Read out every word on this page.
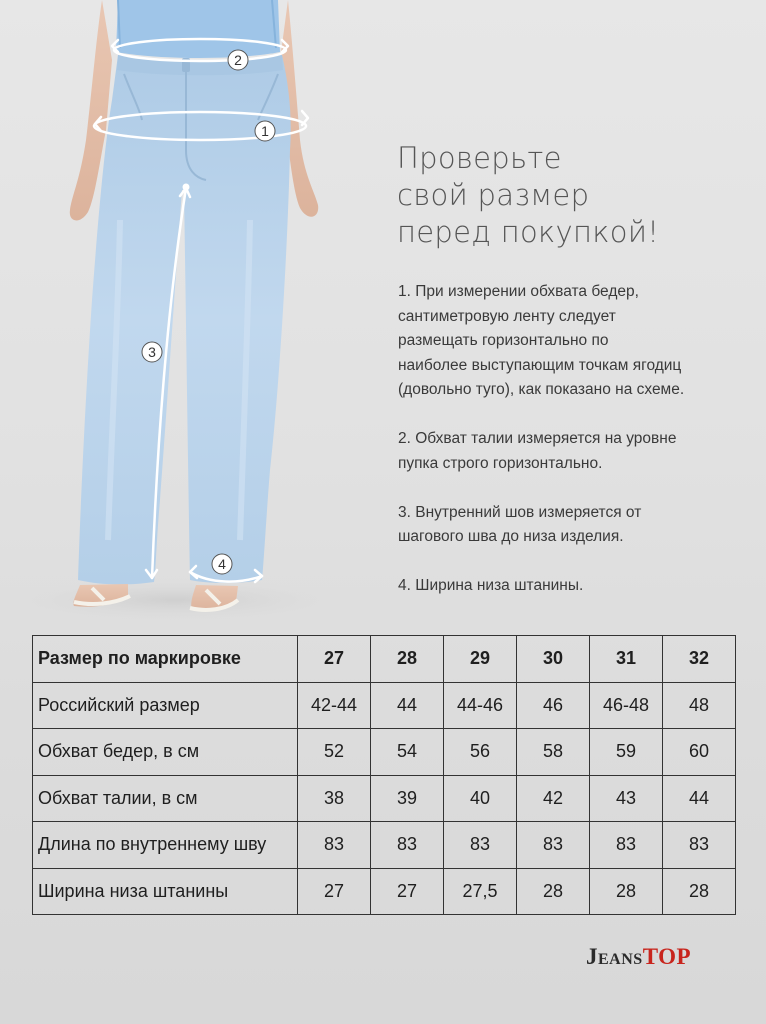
2
1
3
4
Проверьте
свой размер
перед покупкой!
1. При измерении обхвата бедер,
сантиметровую ленту следует
размещать горизонтально по
наиболее выступающим точкам ягодиц
(довольно туго), как показано на схеме.
2. Обхват талии измеряется на уровне
пупка строго горизонтально.
3. Внутренний шов измеряется от
шагового шва до низа изделия.
4. Ширина низа штанины.
Размер по маркировке	27	28	29	30	31	32
Российский размер	42-44	44	44-46	46	46-48	48
Обхват бедер, в см	52	54	56	58	59	60
Обхват талии, в см	38	39	40	42	43	44
Длина по внутреннему шву	83	83	83	83	83	83
Ширина низа штанины	27	27	27,5	28	28	28
JeansTOP
